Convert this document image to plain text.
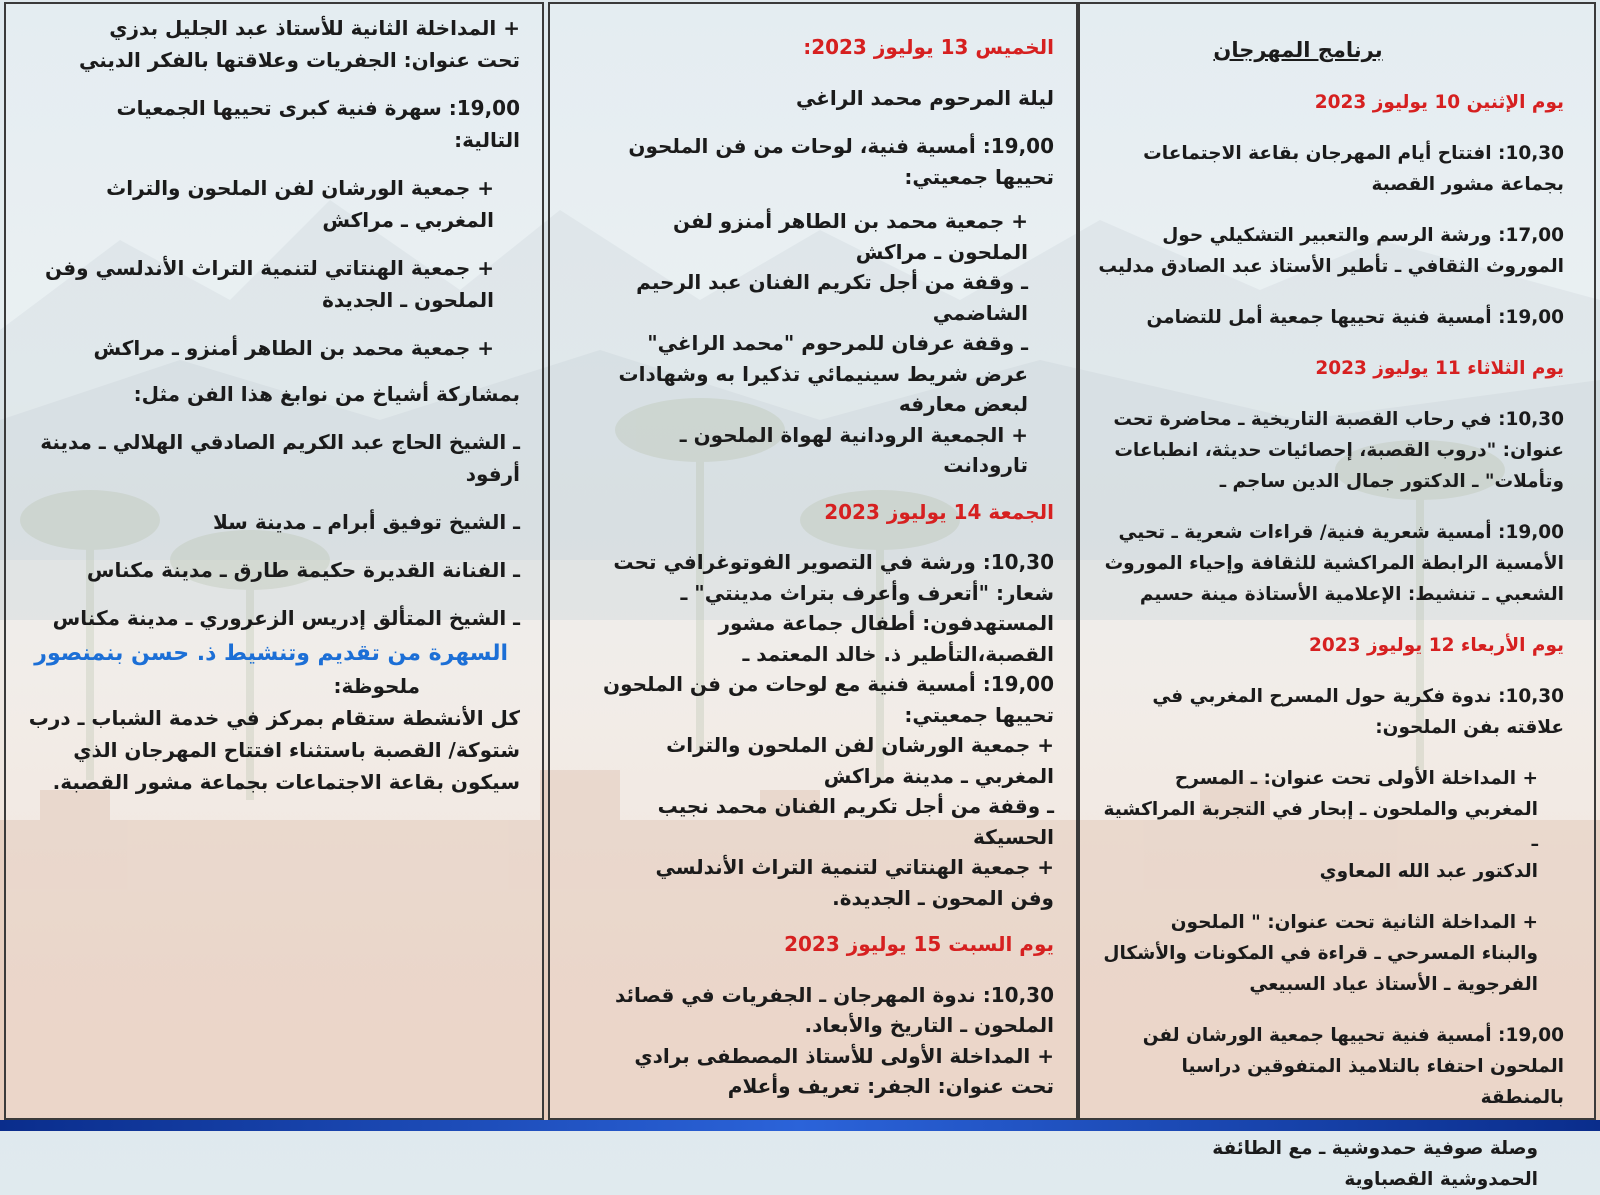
برنامج المهرجان

يوم الإثنين 10 يوليوز 2023

10,30: افتتاح أيام المهرجان بقاعة الاجتماعات
بجماعة مشور القصبة

17,00: ورشة الرسم والتعبير التشكيلي حول
الموروث الثقافي ـ تأطير الأستاذ عبد الصادق مدليب

19,00: أمسية فنية تحييها جمعية أمل للتضامن

يوم الثلاثاء 11 يوليوز 2023

10,30: في رحاب القصبة التاريخية ـ محاضرة تحت
عنوان: "دروب القصبة، إحصائيات حديثة، انطباعات
وتأملات" ـ الدكتور جمال الدين ساجم ـ

19,00: أمسية شعرية فنية/ قراءات شعرية ـ تحيي
الأمسية الرابطة المراكشية للثقافة وإحياء الموروث
الشعبي ـ تنشيط: الإعلامية الأستاذة مينة حسيم

يوم الأربعاء 12 يوليوز 2023

10,30: ندوة فكرية حول المسرح المغربي في
علاقته بفن الملحون:

+ المداخلة الأولى تحت عنوان: ـ المسرح
المغربي والملحون ـ إبحار في التجربة المراكشية ـ
الدكتور عبد الله المعاوي

+ المداخلة الثانية تحت عنوان: " الملحون
والبناء المسرحي ـ قراءة في المكونات والأشكال
الفرجوية ـ الأستاذ عياد السبيعي

19,00: أمسية فنية تحييها جمعية الورشان لفن
الملحون احتفاء بالتلاميذ المتفوقين دراسيا بالمنطقة

وصلة صوفية حمدوشية ـ مع الطائفة
الحمدوشية القصباوية

الخميس 13 يوليوز 2023:

ليلة المرحوم محمد الراغي

19,00: أمسية فنية، لوحات من فن الملحون
تحييها جمعيتي:

+ جمعية محمد بن الطاهر أمنزو لفن
الملحون ـ مراكش
ـ وقفة من أجل تكريم الفنان عبد الرحيم
الشاضمي
ـ وقفة عرفان للمرحوم "محمد الراغي"
عرض شريط سينيمائي تذكيرا به وشهادات
لبعض معارفه
+ الجمعية الرودانية لهواة الملحون ـ
تارودانت

الجمعة 14 يوليوز 2023

10,30: ورشة في التصوير الفوتوغرافي تحت
شعار: "أتعرف وأعرف بتراث مدينتي" ـ
المستهدفون: أطفال جماعة مشور
القصبة،التأطير ذ. خالد المعتمد ـ
19,00: أمسية فنية مع لوحات من فن الملحون
تحييها جمعيتي:
+ جمعية الورشان لفن الملحون والتراث
المغربي ـ مدينة مراكش
ـ وقفة من أجل تكريم الفنان محمد نجيب
الحسيكة
+ جمعية الهنتاتي لتنمية التراث الأندلسي
وفن المحون ـ الجديدة.

يوم السبت 15 يوليوز 2023

10,30: ندوة المهرجان ـ الجفريات في قصائد
الملحون ـ التاريخ والأبعاد.
+ المداخلة الأولى للأستاذ المصطفى برادي
تحت عنوان: الجفر: تعريف وأعلام

+ المداخلة الثانية للأستاذ عبد الجليل بدزي
تحت عنوان: الجفريات وعلاقتها بالفكر الديني

19,00: سهرة فنية كبرى تحييها الجمعيات
التالية:

+ جمعية الورشان لفن الملحون والتراث
المغربي ـ مراكش

+ جمعية الهنتاتي لتنمية التراث الأندلسي وفن
الملحون ـ الجديدة

+ جمعية محمد بن الطاهر أمنزو ـ مراكش

بمشاركة أشياخ من نوابغ هذا الفن مثل:

ـ الشيخ الحاج عبد الكريم الصادقي الهلالي ـ مدينة
أرفود

ـ الشيخ توفيق أبرام ـ مدينة سلا

ـ الفنانة القديرة حكيمة طارق ـ مدينة مكناس

ـ الشيخ المتألق إدريس الزعروري ـ مدينة مكناس

السهرة من تقديم وتنشيط ذ. حسن بنمنصور

ملحوظة:

كل الأنشطة ستقام بمركز في خدمة الشباب ـ درب
شتوكة/ القصبة باستثناء افتتاح المهرجان الذي
سيكون بقاعة الاجتماعات بجماعة مشور القصبة.
